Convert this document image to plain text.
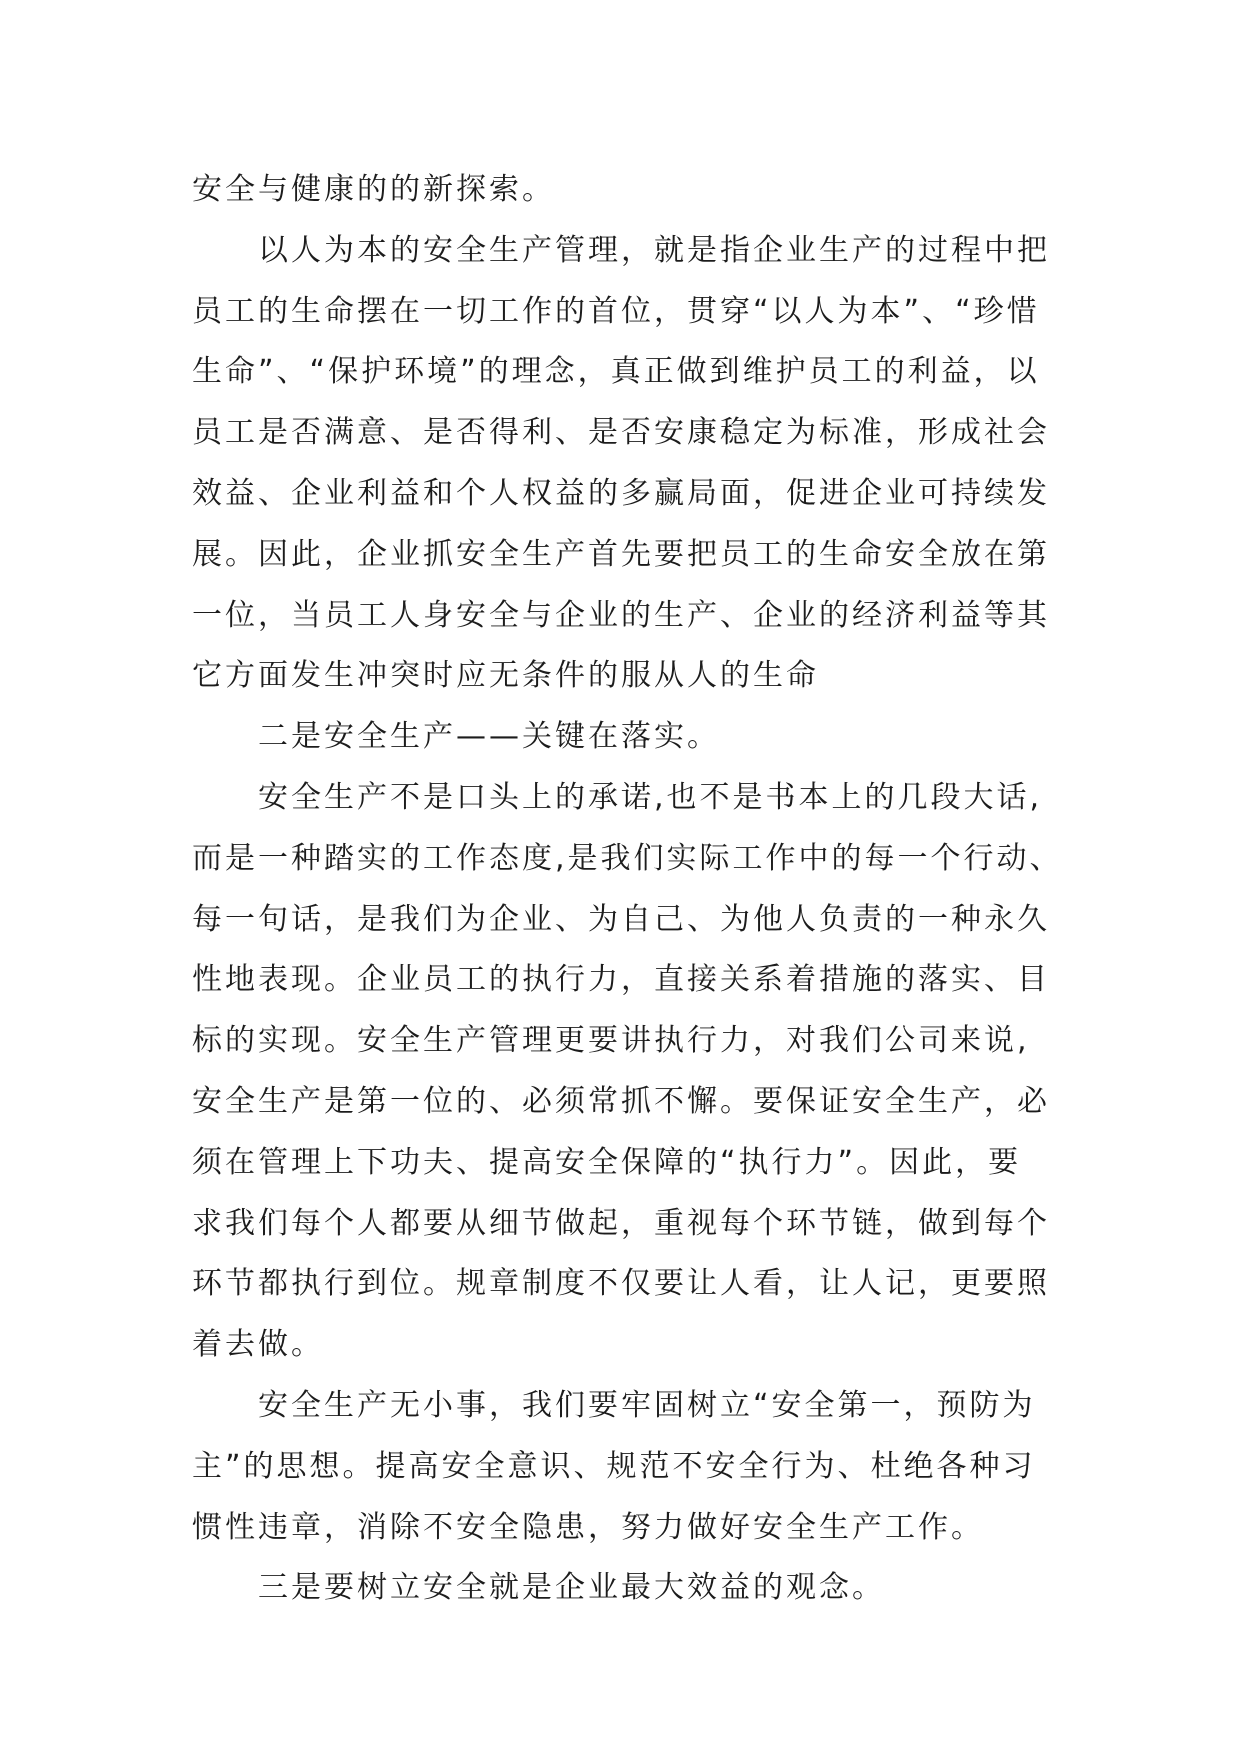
安全与健康的的新探索。
以人为本的安全生产管理，就是指企业生产的过程中把
员工的生命摆在一切工作的首位，贯穿“以人为本”、“珍惜
生命”、“保护环境”的理念，真正做到维护员工的利益，以
员工是否满意、是否得利、是否安康稳定为标准，形成社会
效益、企业利益和个人权益的多赢局面，促进企业可持续发
展。因此，企业抓安全生产首先要把员工的生命安全放在第
一位，当员工人身安全与企业的生产、企业的经济利益等其
它方面发生冲突时应无条件的服从人的生命
二是安全生产——关键在落实。
安全生产不是口头上的承诺,也不是书本上的几段大话,
而是一种踏实的工作态度,是我们实际工作中的每一个行动、
每一句话，是我们为企业、为自己、为他人负责的一种永久
性地表现。企业员工的执行力，直接关系着措施的落实、目
标的实现。安全生产管理更要讲执行力，对我们公司来说,
安全生产是第一位的、必须常抓不懈。要保证安全生产，必
须在管理上下功夫、提高安全保障的“执行力”。因此，要
求我们每个人都要从细节做起，重视每个环节链，做到每个
环节都执行到位。规章制度不仅要让人看，让人记，更要照
着去做。
安全生产无小事，我们要牢固树立“安全第一，预防为
主”的思想。提高安全意识、规范不安全行为、杜绝各种习
惯性违章，消除不安全隐患，努力做好安全生产工作。
三是要树立安全就是企业最大效益的观念。
